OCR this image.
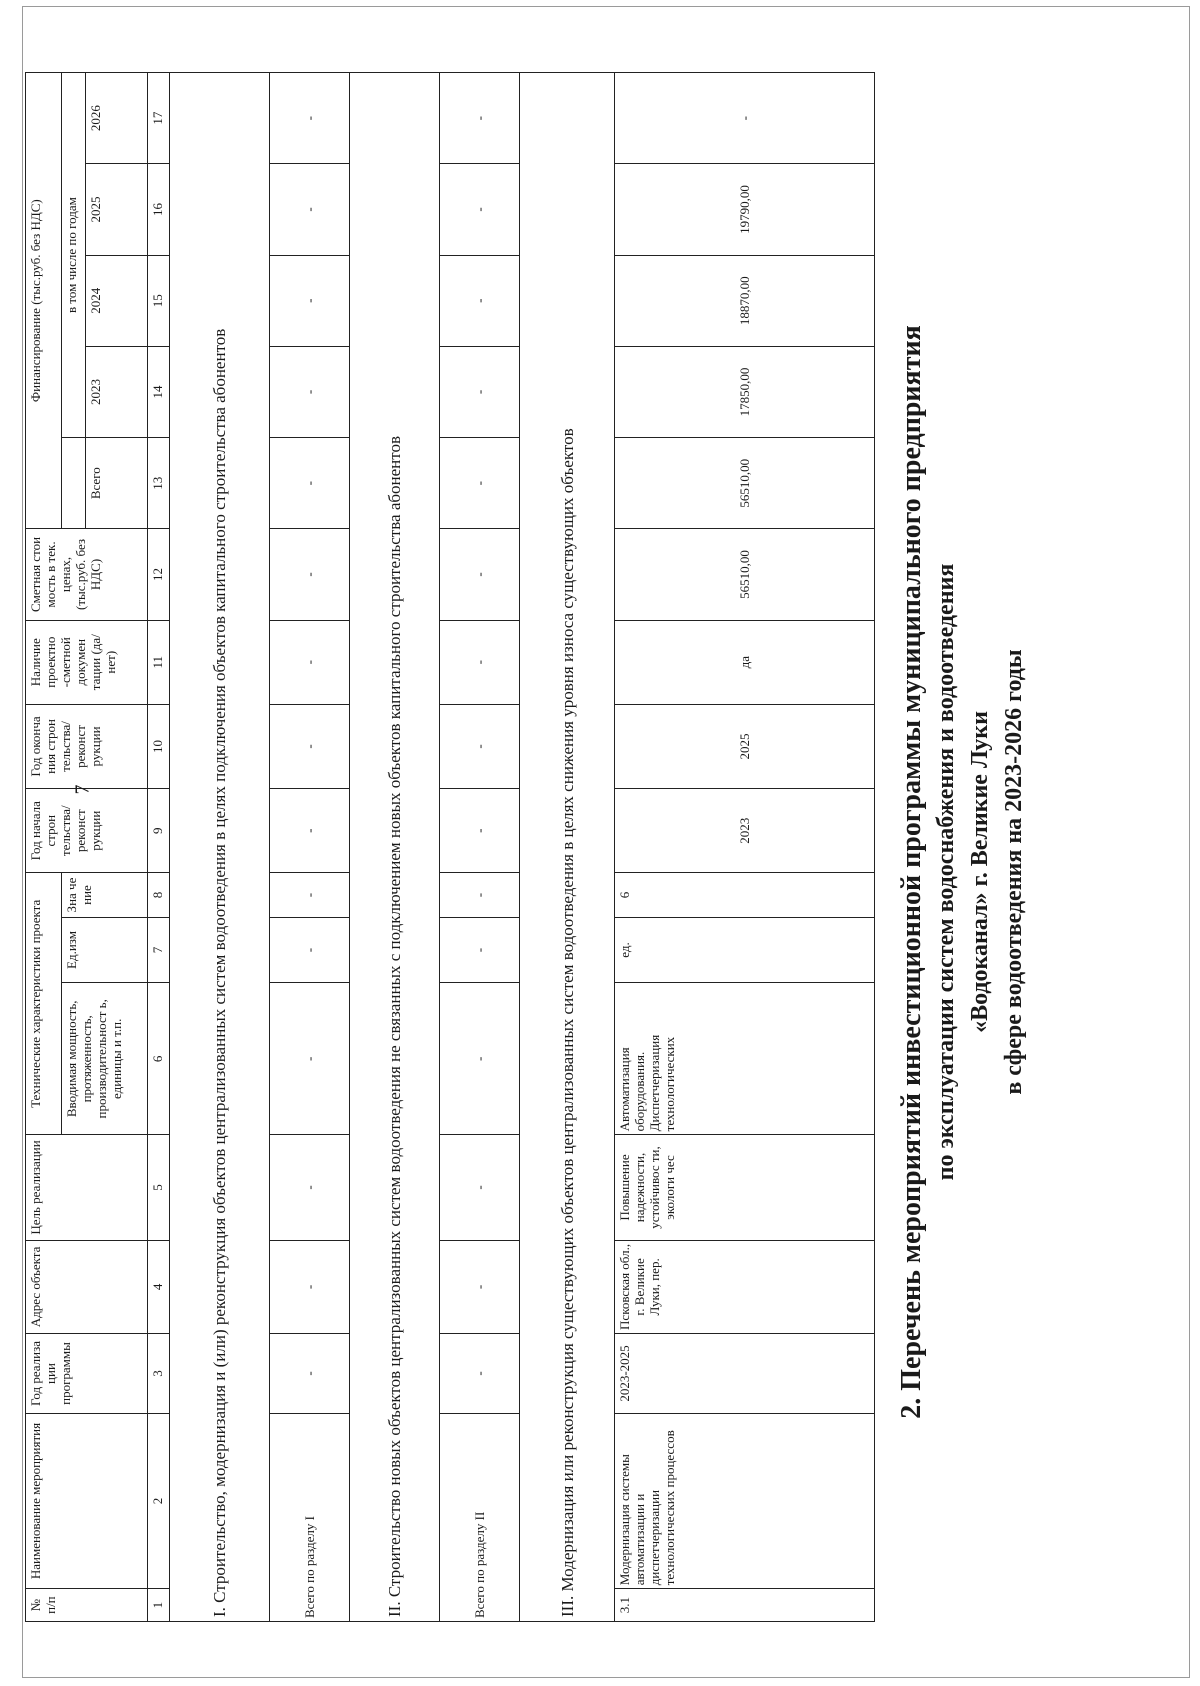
№ п/п	Наименование мероприятия	Год реализа ции программы	Адрес объекта	Цель реализации	Технические характеристики проекта			Год начала строн тельства/ реконст рукции	Год оконча ния строн тельства/ реконст рукции	Наличие проектно -сметной докумен тации (да/нет)	Сметная стои мость в тек. ценах, (тыс.руб. без НДС)	Финансирование (тыс.руб. без НДС)				
					Вводимая мощность, протяженность, производительност ь, единицы и т.п.	Ед.изм	Зна че ние						в том числе по годам			
												Всего	2023	2024	2025	2026
1	2	3	4	5	6	7	8	9	10	11	12	13	14	15	16	17
I. Строительство, модернизация и (или) реконструкция объектов централизованных систем водоотведения в целях подключения объектов капитального строительства абонентов																
Всего по разделу I		-	-	-	-	-	-	-	-	-	-	-	-	-	-	-
II. Строительство новых объектов централизованных систем водоотведения не связанных с подключением новых объектов капитального строительства абонентов																
Всего по разделу II		-	-	-	-	-	-	-	-	-	-	-	-	-	-	-
III. Модернизация или реконструкция существующих объектов централизованных систем водоотведения в целях снижения уровня износа существующих объектов																
3.1	Модернизация системы автоматизации и диспетчеризации технологических процессов	2023-2025	Псковская обл., г. Великие Луки, пер.	Повышение надежности, устойчивос ти, экологи чес	Автоматизация оборудования. Диспетчеризация технологических	ед.	6	2023	2025	да	56510,00	56510,00	17850,00	18870,00	19790,00	-
в сфере водоотведения на 2023-2026 годы
«Водоканал» г. Великие Луки
по эксплуатации систем водоснабжения и водоотведения
2. Перечень мероприятий инвестиционной программы муниципального предприятия
7
